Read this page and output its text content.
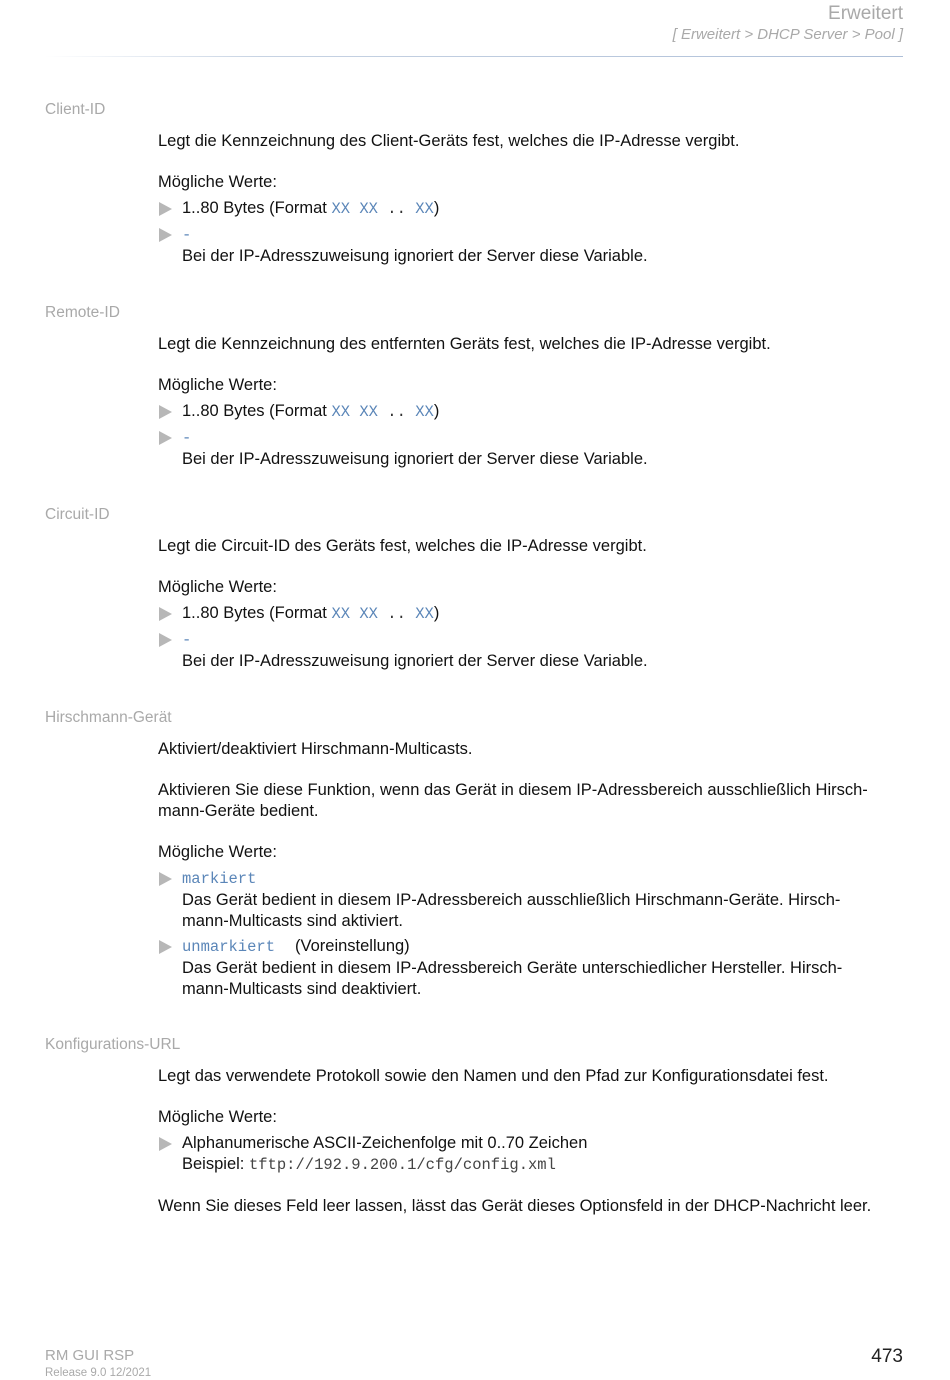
Erweitert
[ Erweitert > DHCP Server > Pool ]
Client-ID

Legt die Kennzeichnung des Client-Geräts fest, welches die IP-Adresse vergibt.

Mögliche Werte:

1..80 Bytes (Format XX XX .. XX)
-
Bei der IP-Adresszuweisung ignoriert der Server diese Variable.
Remote-ID

Legt die Kennzeichnung des entfernten Geräts fest, welches die IP-Adresse vergibt.

Mögliche Werte:

1..80 Bytes (Format XX XX .. XX)
-
Bei der IP-Adresszuweisung ignoriert der Server diese Variable.
Circuit-ID

Legt die Circuit-ID des Geräts fest, welches die IP-Adresse vergibt.

Mögliche Werte:

1..80 Bytes (Format XX XX .. XX)
-
Bei der IP-Adresszuweisung ignoriert der Server diese Variable.
Hirschmann-Gerät

Aktiviert/deaktiviert Hirschmann-Multicasts.

Aktivieren Sie diese Funktion, wenn das Gerät in diesem IP-Adressbereich ausschließlich Hirsch-
mann-Geräte bedient.

Mögliche Werte:

markiert
Das Gerät bedient in diesem IP-Adressbereich ausschließlich Hirschmann-Geräte. Hirsch-
mann-Multicasts sind aktiviert.
unmarkiert (Voreinstellung)
Das Gerät bedient in diesem IP-Adressbereich Geräte unterschiedlicher Hersteller. Hirsch-
mann-Multicasts sind deaktiviert.
Konfigurations-URL

Legt das verwendete Protokoll sowie den Namen und den Pfad zur Konfigurationsdatei fest.

Mögliche Werte:

Alphanumerische ASCII-Zeichenfolge mit 0..70 Zeichen
Beispiel: tftp://192.9.200.1/cfg/config.xml

Wenn Sie dieses Feld leer lassen, lässt das Gerät dieses Optionsfeld in der DHCP-Nachricht leer.

RM GUI RSP
Release 9.0 12/2021
473
